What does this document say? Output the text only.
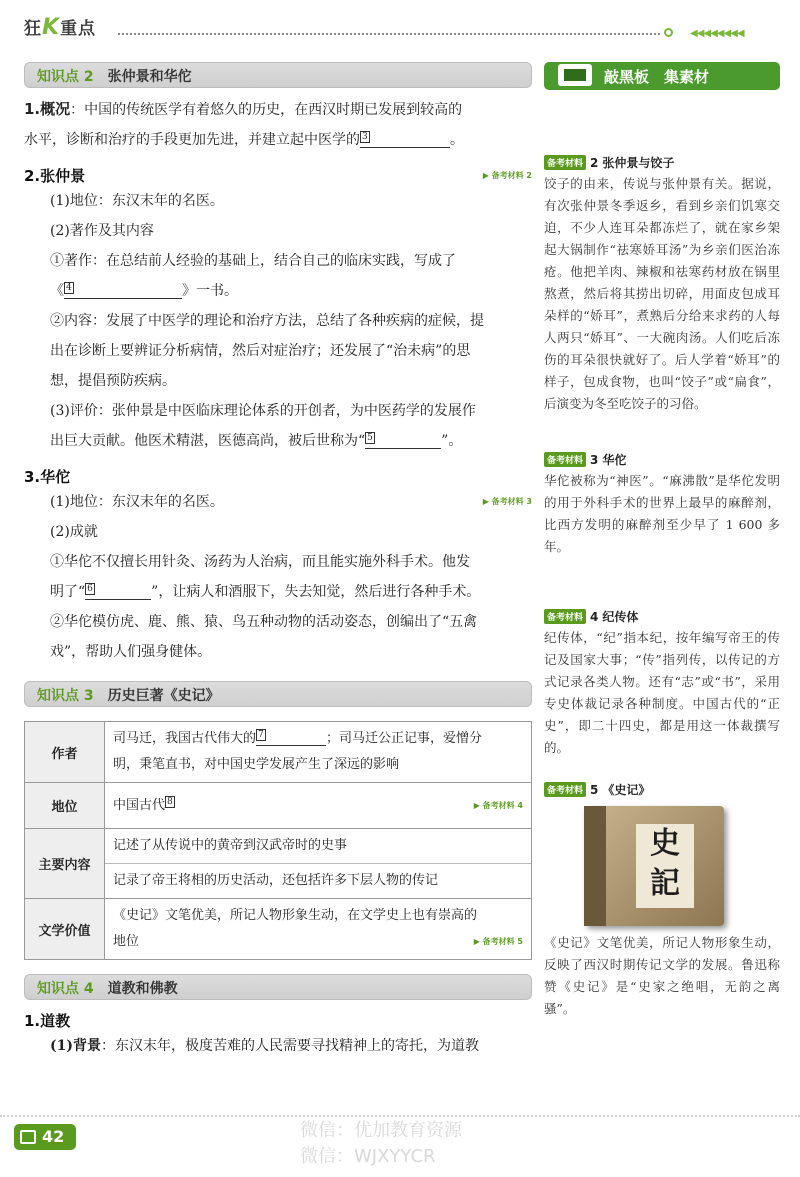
狂K重点	◀◀◀◀◀◀◀◀
知识点 2 张仲景和华佗
1.概况：中国的传统医学有着悠久的历史，在西汉时期已发展到较高的
水平，诊断和治疗的手段更加先进，并建立起中医学的 3	。
2.张仲景	▶ 备考材料 2
(1)地位：东汉末年的名医。
(2)著作及其内容
①著作：在总结前人经验的基础上，结合自己的临床实践，写成了
《 4	》一书。
②内容：发展了中医学的理论和治疗方法，总结了各种疾病的症候，提
出在诊断上要辨证分析病情，然后对症治疗；还发展了“治未病”的思
想，提倡预防疾病。
(3)评价：张仲景是中医临床理论体系的开创者，为中医药学的发展作
出巨大贡献。他医术精湛，医德高尚，被后世称为“ 5	”。
3.华佗
(1)地位：东汉末年的名医。	▶ 备考材料 3
(2)成就
①华佗不仅擅长用针灸、汤药为人治病，而且能实施外科手术。他发
明了“ 6	”，让病人和酒服下，失去知觉，然后进行各种手术。
②华佗模仿虎、鹿、熊、猿、鸟五种动物的活动姿态，创编出了“五禽
戏”，帮助人们强身健体。
知识点 3 历史巨著《史记》
作者	司马迁，我国古代伟大的 7 ；司马迁公正记事，爱憎分
明，秉笔直书，对中国史学发展产生了深远的影响
地位	中国古代 8 ▶ 备考材料 4

主要内容	记述了从传说中的黄帝到汉武帝时的史事
记录了帝王将相的历史活动，还包括许多下层人物的传记

文学价值	《史记》文笔优美，所记人物形象生动，在文学史上也有崇高的
地位 ▶ 备考材料 5
知识点 4 道教和佛教
1.道教
(1)背景：东汉末年，极度苦难的人民需要寻找精神上的寄托，为道教
敲黑板　集素材
备考材料 2 张仲景与饺子
饺子的由来，传说与张仲景有关。据说，有次张仲景冬季返乡，看到乡亲们饥寒交迫，不少人连耳朵都冻烂了，就在家乡架起大锅制作“祛寒娇耳汤”为乡亲们医治冻疮。他把羊肉、辣椒和祛寒药材放在锅里熬煮，然后将其捞出切碎，用面皮包成耳朵样的“娇耳”，煮熟后分给来求药的人每人两只“娇耳”、一大碗肉汤。人们吃后冻伤的耳朵很快就好了。后人学着“娇耳”的样子，包成食物，也叫“饺子”或“扁食”，后演变为冬至吃饺子的习俗。
备考材料 3 华佗
华佗被称为“神医”。“麻沸散”是华佗发明的用于外科手术的世界上最早的麻醉剂，比西方发明的麻醉剂至少早了 1 600 多年。
备考材料 4 纪传体
纪传体，“纪”指本纪，按年编写帝王的传记及国家大事；“传”指列传，以传记的方式记录各类人物。还有“志”或“书”，采用专史体裁记录各种制度。中国古代的“正史”，即二十四史，都是用这一体裁撰写的。
备考材料 5 《史记》
史記
《史记》文笔优美，所记人物形象生动，反映了西汉时期传记文学的发展。鲁迅称赞《史记》是“史家之绝唱，无韵之离骚”。
42	微信：优加教育资源
微信：WJXYYCR
